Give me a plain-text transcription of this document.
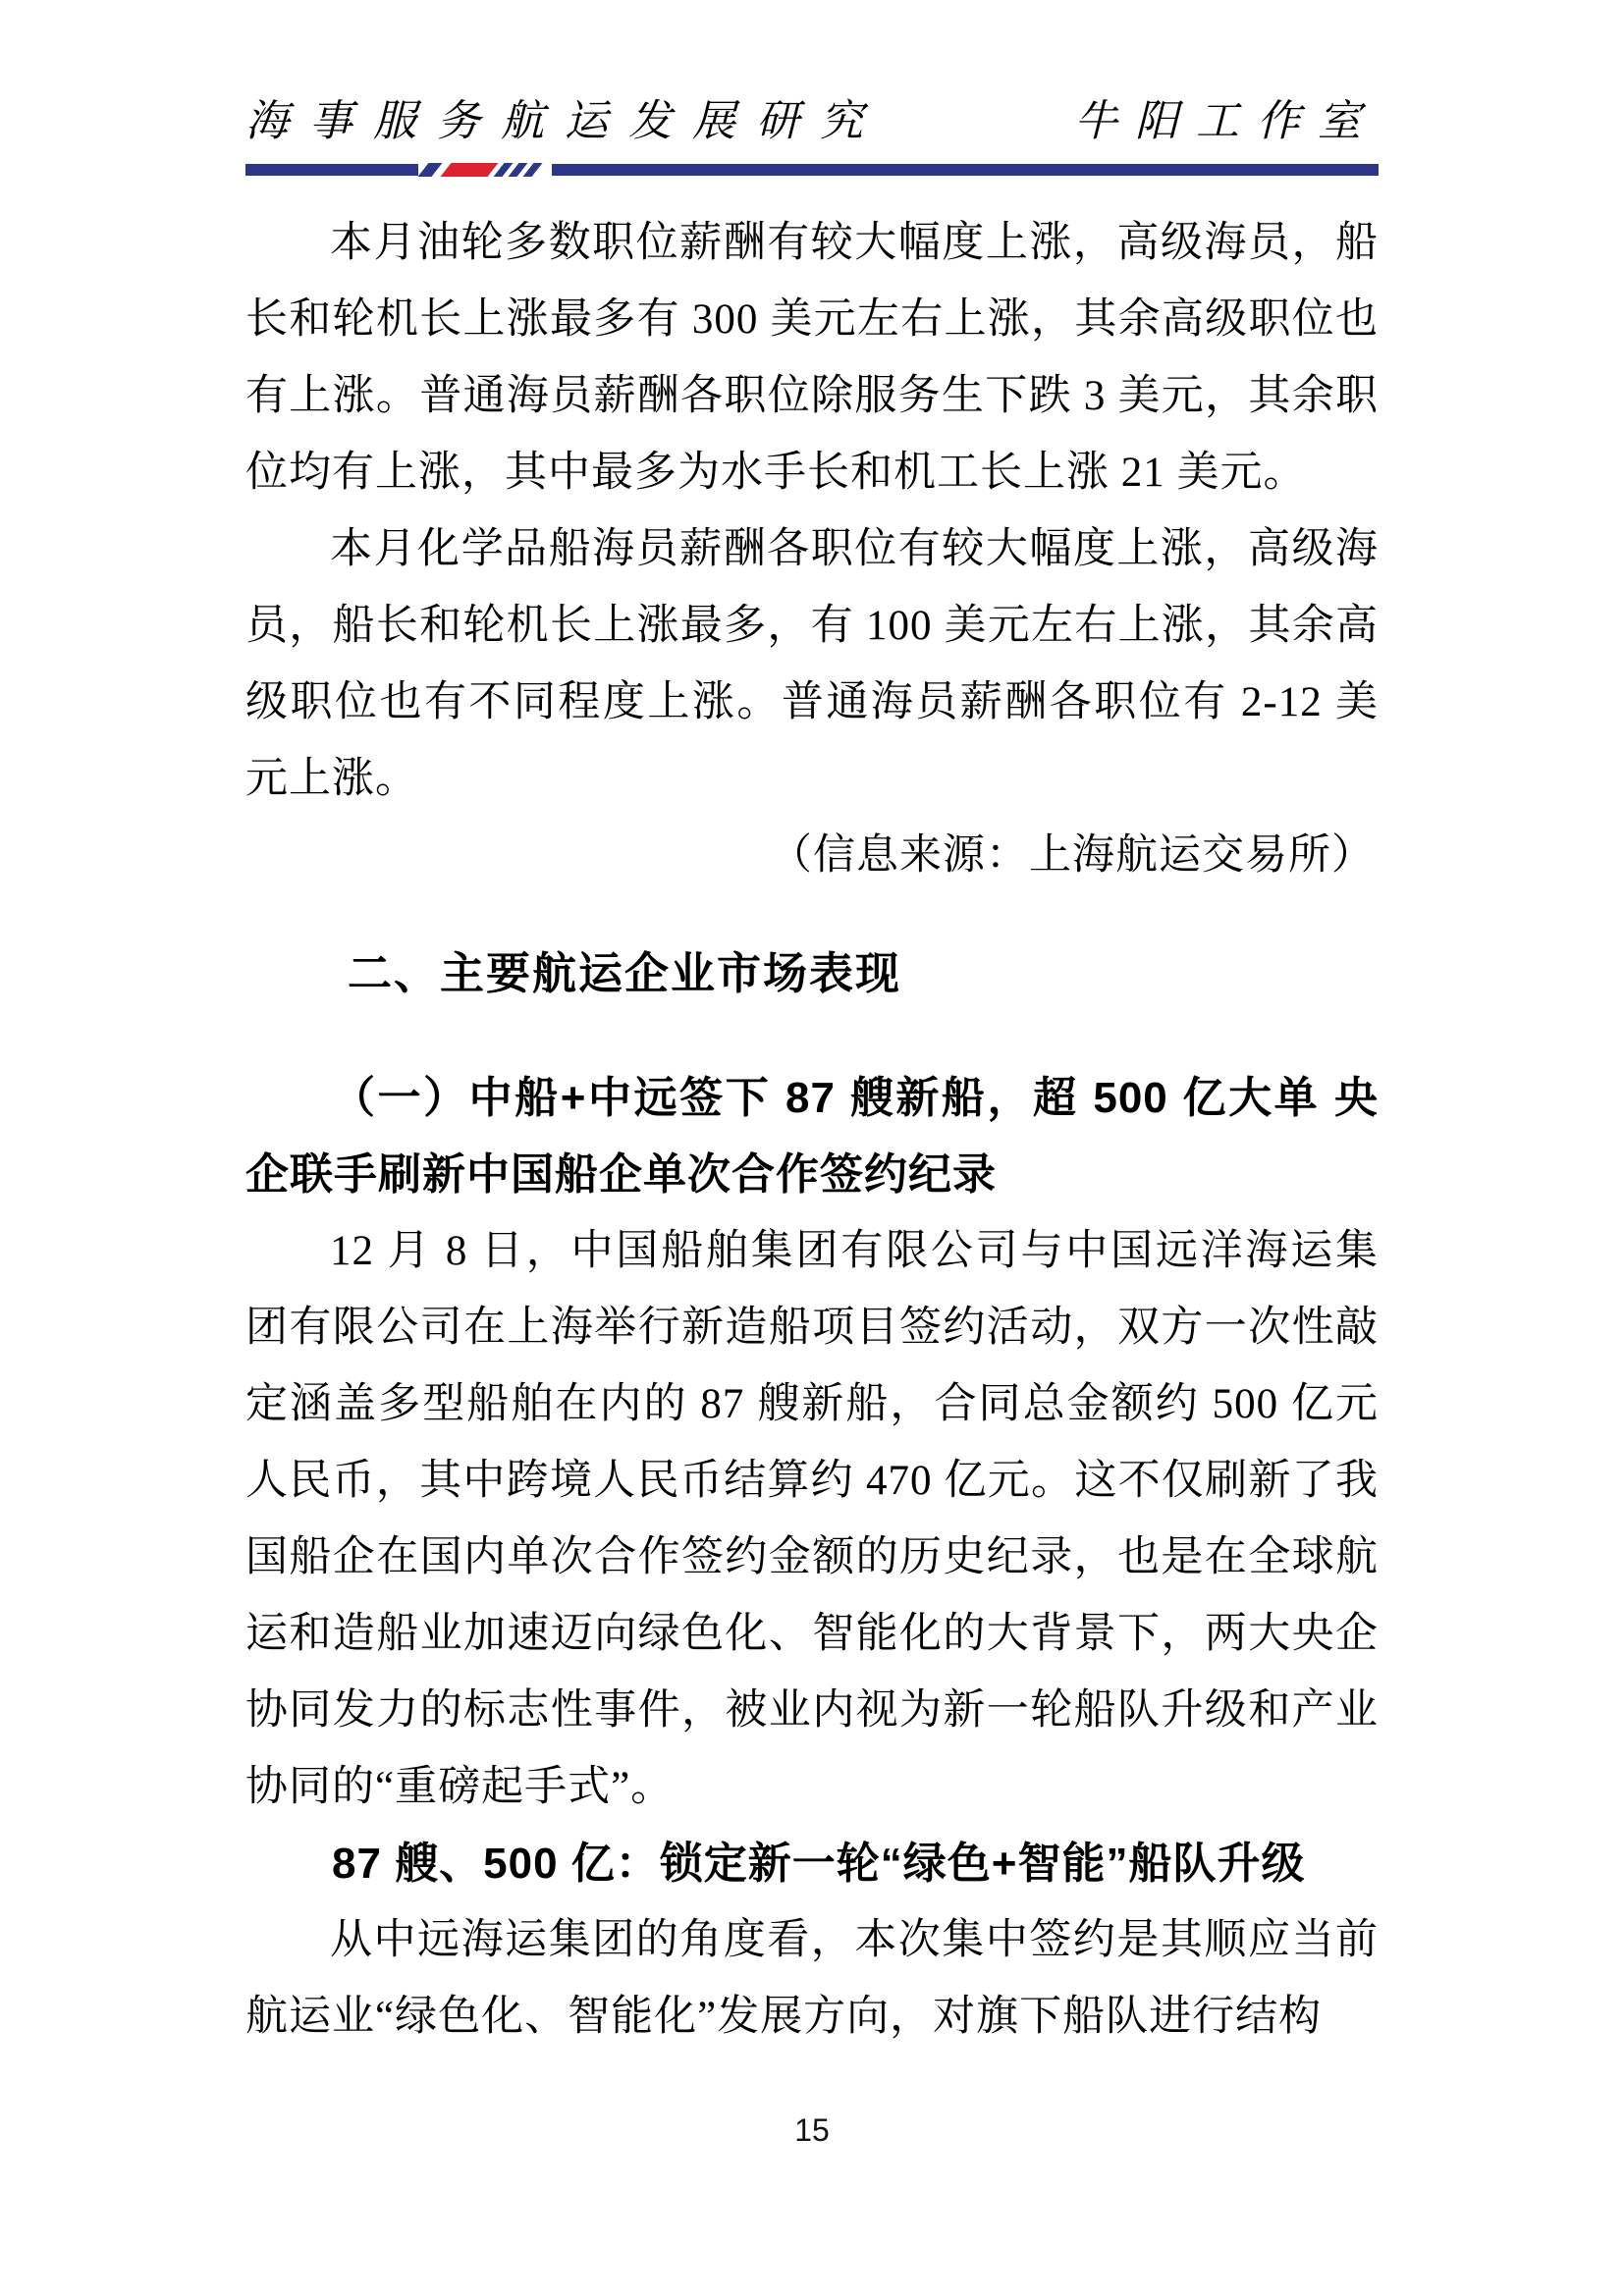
海事服务航运发展研究	牛阳工作室

本月油轮多数职位薪酬有较大幅度上涨，高级海员，船长和轮机长上涨最多有 300 美元左右上涨，其余高级职位也有上涨。普通海员薪酬各职位除服务生下跌 3 美元，其余职位均有上涨，其中最多为水手长和机工长上涨 21 美元。

本月化学品船海员薪酬各职位有较大幅度上涨，高级海员，船长和轮机长上涨最多，有 100 美元左右上涨，其余高级职位也有不同程度上涨。普通海员薪酬各职位有 2-12 美元上涨。

（信息来源：上海航运交易所）

二、主要航运企业市场表现
（一）中船+中远签下 87 艘新船，超 500 亿大单 央企联手刷新中国船企单次合作签约纪录

12 月 8 日，中国船舶集团有限公司与中国远洋海运集团有限公司在上海举行新造船项目签约活动，双方一次性敲定涵盖多型船舶在内的 87 艘新船，合同总金额约 500 亿元人民币，其中跨境人民币结算约 470 亿元。这不仅刷新了我国船企在国内单次合作签约金额的历史纪录，也是在全球航运和造船业加速迈向绿色化、智能化的大背景下，两大央企协同发力的标志性事件，被业内视为新一轮船队升级和产业协同的“重磅起手式”。

87 艘、500 亿：锁定新一轮“绿色+智能”船队升级

从中远海运集团的角度看，本次集中签约是其顺应当前航运业“绿色化、智能化”发展方向，对旗下船队进行结构

15
